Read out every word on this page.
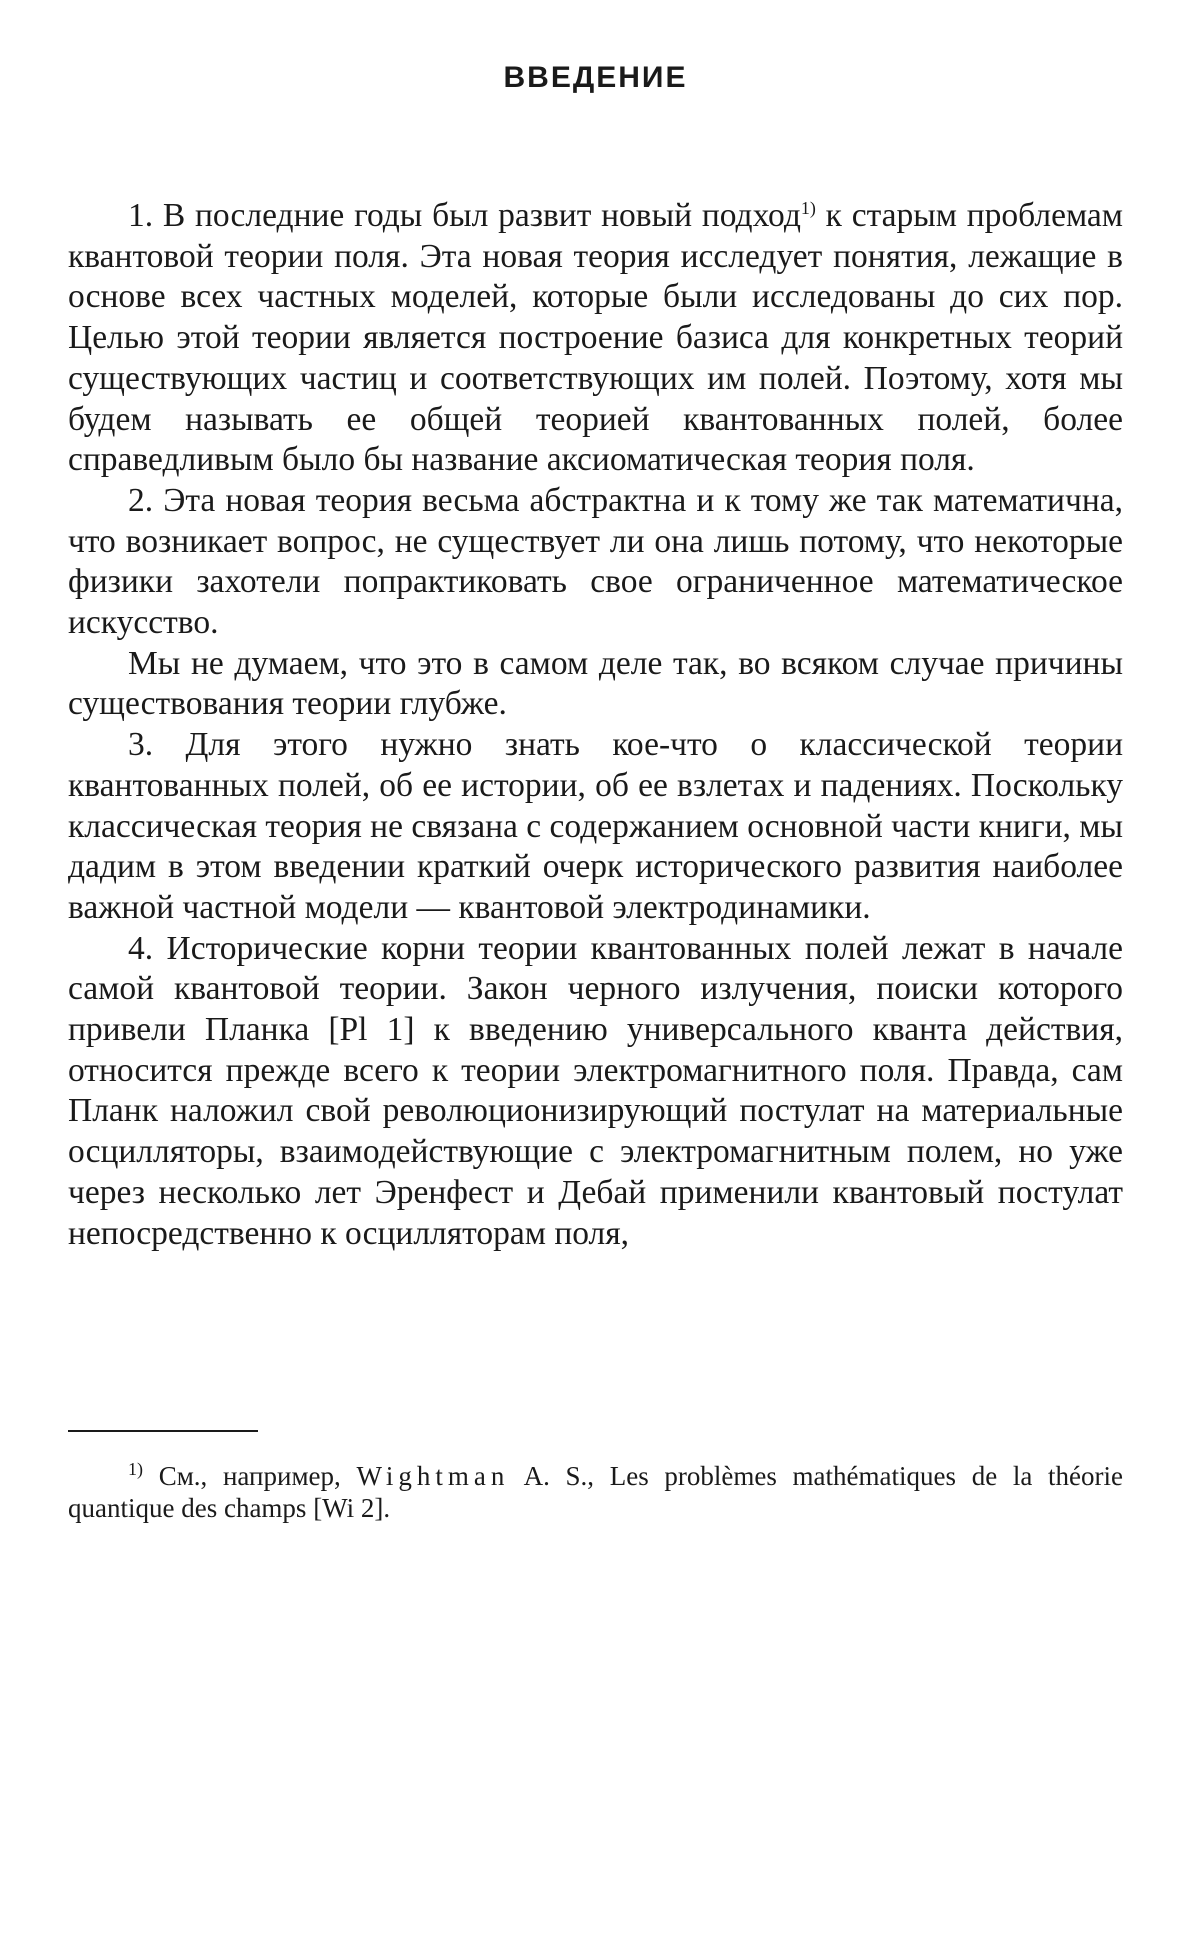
ВВЕДЕНИЕ

1. В последние годы был развит новый подход$^{1)}$ к старым проблемам квантовой теории поля. Эта новая теория исследует понятия, лежащие в основе всех частных моделей, которые были исследованы до сих пор. Целью этой теории является построение базиса для конкретных теорий существующих частиц и соответствующих им полей. Поэтому, хотя мы будем называть ее общей теорией квантованных полей, более справедливым было бы название аксиоматическая теория поля.

2. Эта новая теория весьма абстрактна и к тому же так математична, что возникает вопрос, не существует ли она лишь потому, что некоторые физики захотели попрактиковать свое ограниченное математическое искусство.

Мы не думаем, что это в самом деле так, во всяком случае причины существования теории глубже.

3. Для этого нужно знать кое-что о классической теории квантованных полей, об ее истории, об ее взлетах и падениях. Поскольку классическая теория не связана с содержанием основной части книги, мы дадим в этом введении краткий очерк исторического развития наиболее важной частной модели — квантовой электродинамики.

4. Исторические корни теории квантованных полей лежат в начале самой квантовой теории. Закон черного излучения, поиски которого привели Планка [Pl 1] к введению универсального кванта действия, относится прежде всего к теории электромагнитного поля. Правда, сам Планк наложил свой революционизирующий постулат на материальные осцилляторы, взаимодействующие с электромагнитным полем, но уже через несколько лет Эренфест и Дебай применили квантовый постулат непосредственно к осцилляторам поля,

$^{1)}$ См., например, Wightman A. S., Les problèmes mathématiques de la théorie quantique des champs [Wi 2].
